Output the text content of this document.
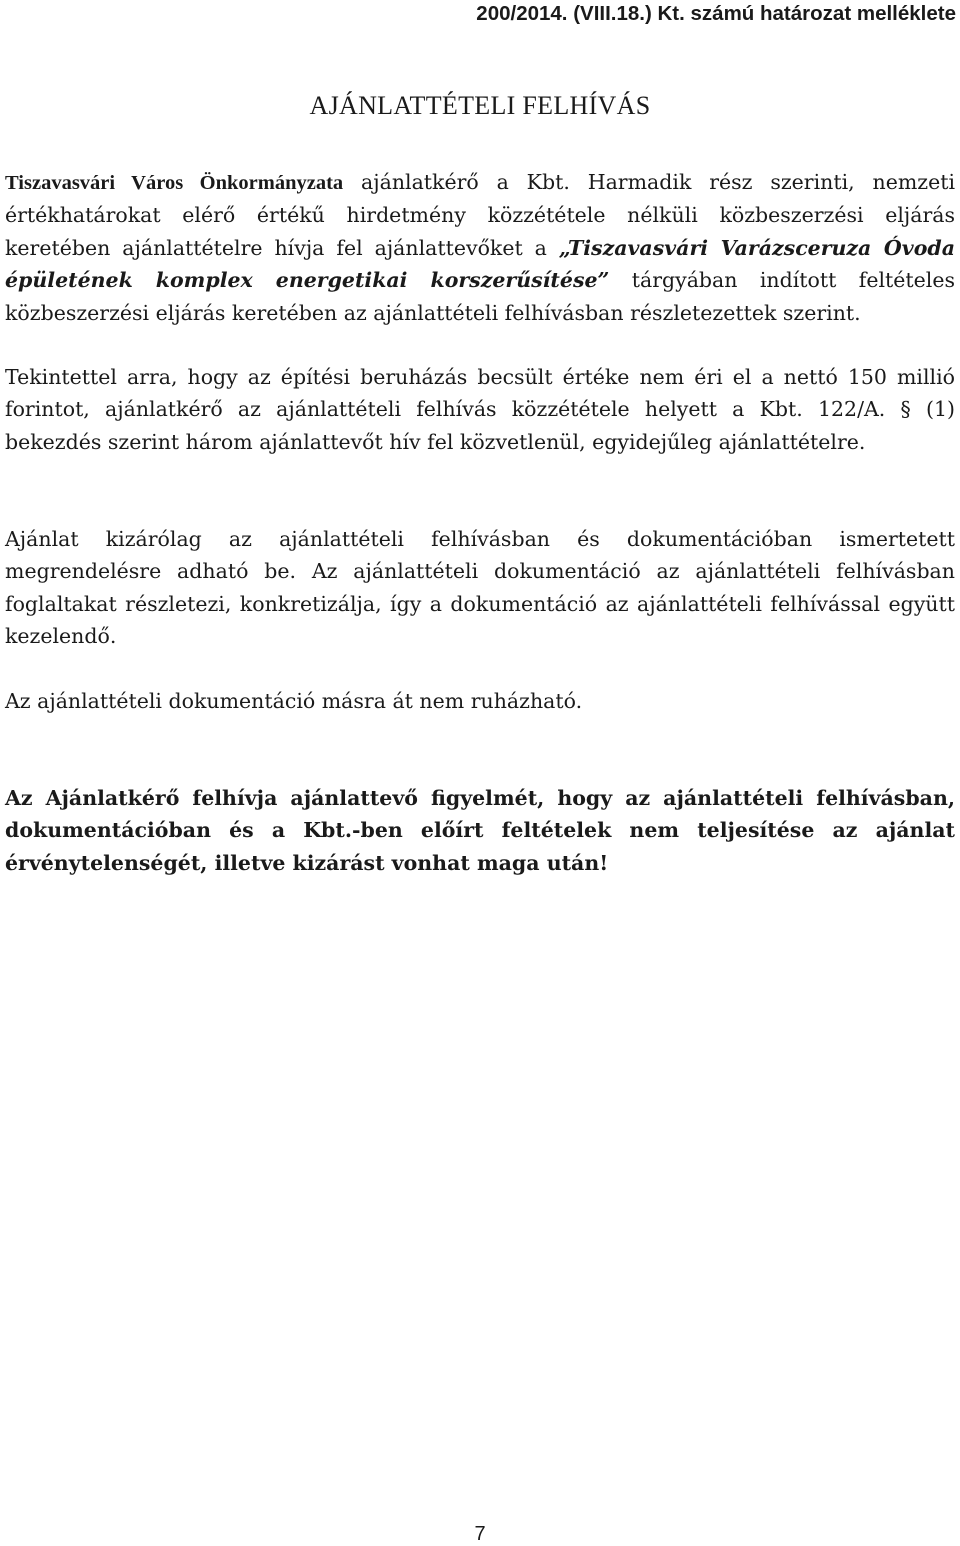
200/2014. (VIII.18.) Kt. számú határozat melléklete
AJÁNLATTÉTELI FELHÍVÁS

Tiszavasvári Város Önkormányzata ajánlatkérő a Kbt. Harmadik rész szerinti, nemzeti értékhatárokat elérő értékű hirdetmény közzététele nélküli közbeszerzési eljárás keretében ajánlattételre hívja fel ajánlattevőket a „Tiszavasvári Varázsceruza Óvoda épületének komplex energetikai korszerűsítése” tárgyában indított feltételes közbeszerzési eljárás keretében az ajánlattételi felhívásban részletezettek szerint.

Tekintettel arra, hogy az építési beruházás becsült értéke nem éri el a nettó 150 millió forintot, ajánlatkérő az ajánlattételi felhívás közzététele helyett a Kbt. 122/A. § (1) bekezdés szerint három ajánlattevőt hív fel közvetlenül, egyidejűleg ajánlattételre.

Ajánlat kizárólag az ajánlattételi felhívásban és dokumentációban ismertetett megrendelésre adható be. Az ajánlattételi dokumentáció az ajánlattételi felhívásban foglaltakat részletezi, konkretizálja, így a dokumentáció az ajánlattételi felhívással együtt kezelendő.

Az ajánlattételi dokumentáció másra át nem ruházható.

Az Ajánlatkérő felhívja ajánlattevő figyelmét, hogy az ajánlattételi felhívásban, dokumentációban és a Kbt.-ben előírt feltételek nem teljesítése az ajánlat érvénytelenségét, illetve kizárást vonhat maga után!

7
